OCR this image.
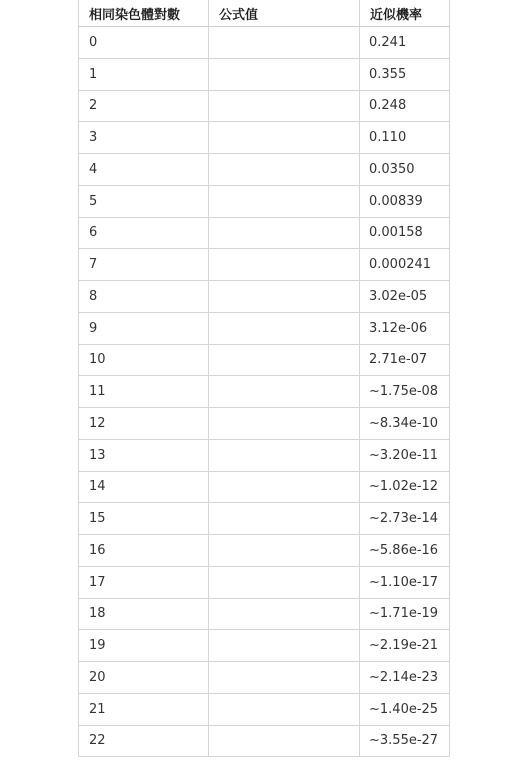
相同染色體對數	公式值	近似機率
0		0.241
1		0.355
2		0.248
3		0.110
4		0.0350
5		0.00839
6		0.00158
7		0.000241
8		3.02e-05
9		3.12e-06
10		2.71e-07
11		~1.75e-08
12		~8.34e-10
13		~3.20e-11
14		~1.02e-12
15		~2.73e-14
16		~5.86e-16
17		~1.10e-17
18		~1.71e-19
19		~2.19e-21
20		~2.14e-23
21		~1.40e-25
22		~3.55e-27
